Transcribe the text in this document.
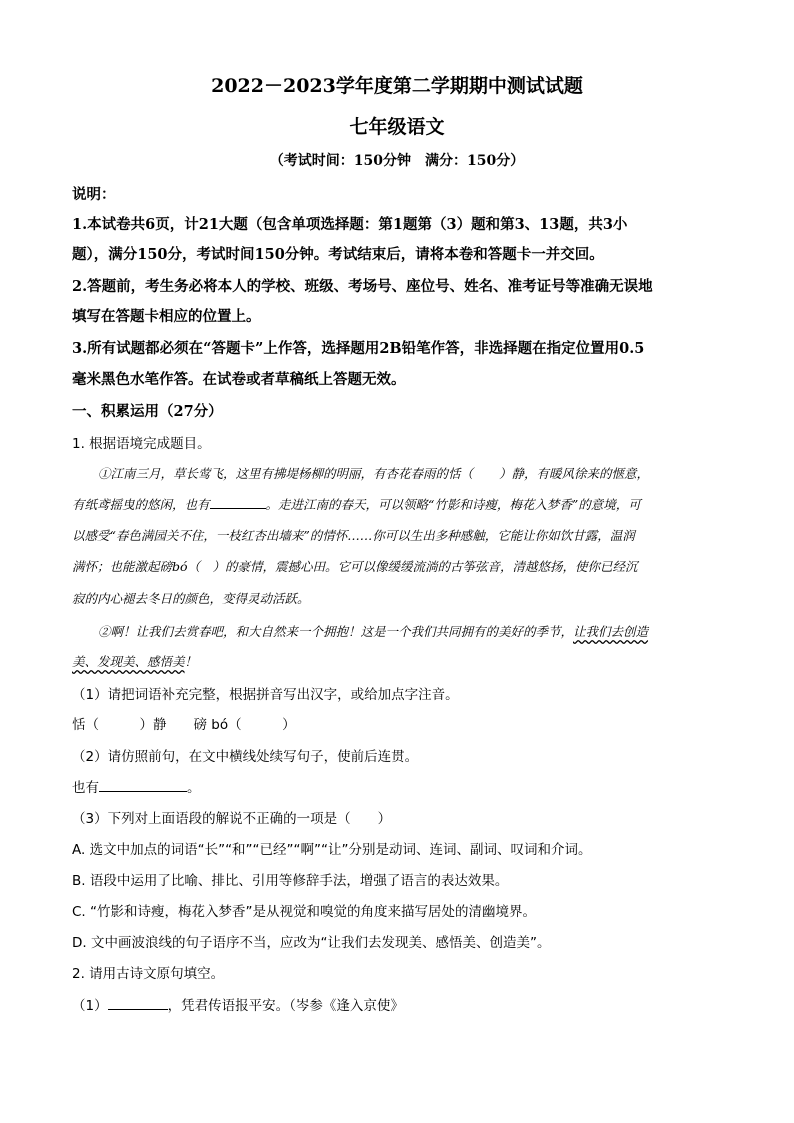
2022－2023学年度第二学期期中测试试题
七年级语文
（考试时间：150分钟　满分：150分）
说明：
1.本试卷共6页，计21大题（包含单项选择题：第1题第（3）题和第3、13题，共3小
题），满分150分，考试时间150分钟。考试结束后，请将本卷和答题卡一并交回。
2.答题前，考生务必将本人的学校、班级、考场号、座位号、姓名、准考证号等准确无误地
填写在答题卡相应的位置上。
3.所有试题都必须在“答题卡”上作答，选择题用2B铅笔作答，非选择题在指定位置用0.5
毫米黑色水笔作答。在试卷或者草稿纸上答题无效。
一、积累运用（27分）
1. 根据语境完成题目。
①江南三月，草长莺飞，这里有拂堤杨柳的明丽，有杏花春雨的恬（ ）静，有暖风徐来的惬意，
有纸鸢摇曳的悠闲，也有	。走进江南的春天，可以领略“竹影和诗瘦，梅花入梦香”的意境，可
以感受“春色满园关不住，一枝红杏出墙来”的情怀……你可以生出多种感触，它能让你如饮甘露，温润
满怀；也能激起磅bó（　）的豪情，震撼心田。它可以像缓缓流淌的古筝弦音，清越悠扬，使你已经沉
寂的内心褪去冬日的颜色，变得灵动活跃。
②啊！让我们去赏春吧，和大自然来一个拥抱！这是一个我们共同拥有的美好的季节，让我们去创造
美、发现美、感悟美！
（1）请把词语补充完整，根据拼音写出汉字，或给加点字注音。
恬（　　　）静　　磅 bó（　　　）
（2）请仿照前句，在文中横线处续写句子，使前后连贯。
也有	。
（3）下列对上面语段的解说不正确的一项是（　　）
A. 选文中加点的词语“长”“和”“已经”“啊”“让”分别是动词、连词、副词、叹词和介词。
B. 语段中运用了比喻、排比、引用等修辞手法，增强了语言的表达效果。
C. “竹影和诗瘦，梅花入梦香”是从视觉和嗅觉的角度来描写居处的清幽境界。
D. 文中画波浪线的句子语序不当，应改为“让我们去发现美、感悟美、创造美”。
2. 请用古诗文原句填空。
（1）	，凭君传语报平安。（岑参《逢入京使》
